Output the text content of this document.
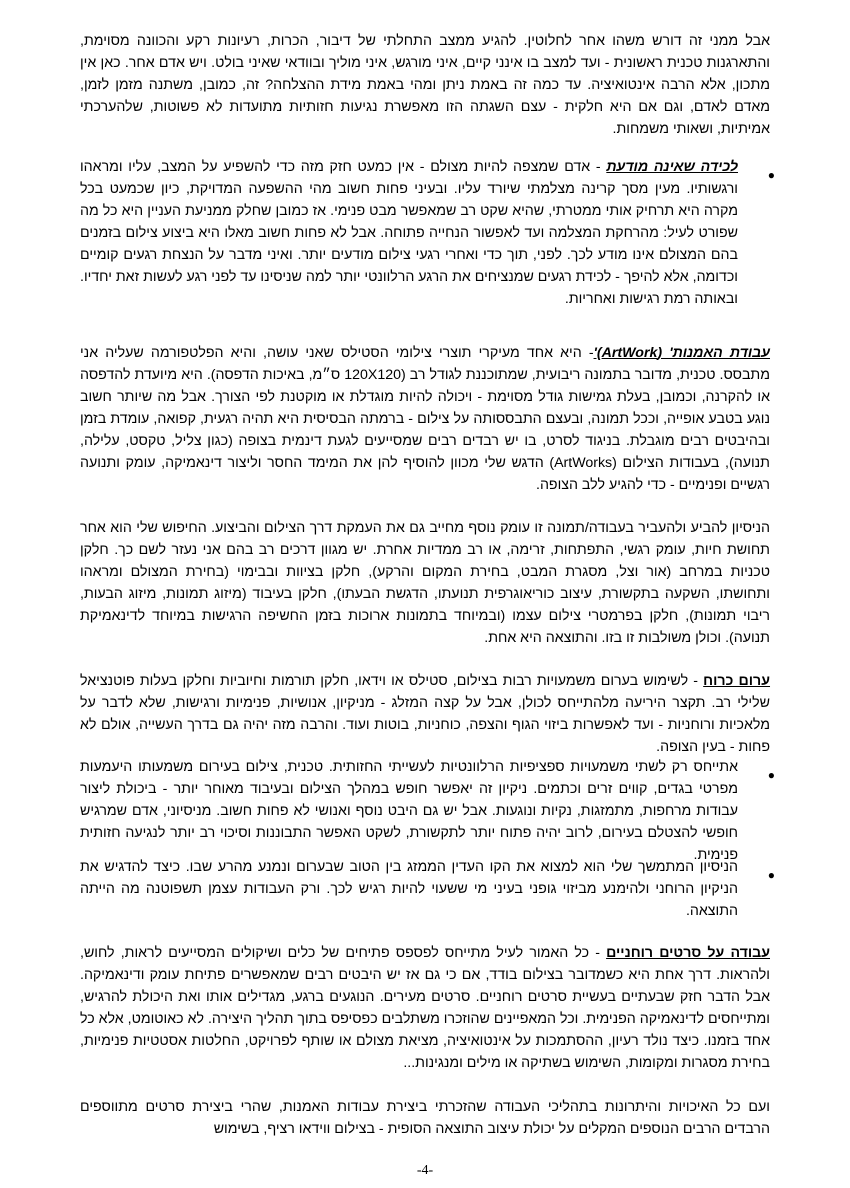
אבל ממני זה דורש משהו אחר לחלוטין. להגיע ממצב התחלתי של דיבור, הכרות, רעיונות רקע והכוונה מסוימת, והתארגנות טכנית ראשונית - ועד למצב בו אינני קיים, איני מורגש, איני מוליך ובוודאי שאיני בולט. ויש אדם אחר. כאן אין מתכון, אלא הרבה אינטואיציה. עד כמה זה באמת ניתן ומהי באמת מידת ההצלחה? זה, כמובן, משתנה מזמן לזמן, מאדם לאדם, וגם אם היא חלקית - עצם השגתה הזו מאפשרת נגיעות חזותיות מתועדות לא פשוטות, שלהערכתי אמיתיות, ושאותי משמחות.

●

לכידה שאינה מודעת - אדם שמצפה להיות מצולם - אין כמעט חזק מזה כדי להשפיע על המצב, עליו ומראהו ורגשותיו. מעין מסך קרינה מצלמתי שיורד עליו. ובעיני פחות חשוב מהי ההשפעה המדויקת, כיון שכמעט בכל מקרה היא תרחיק אותי ממטרתי, שהיא שקט רב שמאפשר מבט פנימי. אז כמובן שחלק ממניעת העניין היא כל מה שפורט לעיל: מהרחקת המצלמה ועד לאפשור הנחייה פתוחה. אבל לא פחות חשוב מאלו היא ביצוע צילום בזמנים בהם המצולם אינו מודע לכך. לפני, תוך כדי ואחרי רגעי צילום מודעים יותר. ואיני מדבר על הנצחת רגעים קומיים וכדומה, אלא להיפך - לכידת רגעים שמנציחים את הרגע הרלוונטי יותר למה שניסינו עד לפני רגע לעשות זאת יחדיו. ובאותה רמת רגישות ואחריות.

עבודת האמנות' (ArtWork)'- היא אחד מעיקרי תוצרי צילומי הסטילס שאני עושה, והיא הפלטפורמה שעליה אני מתבסס. טכנית, מדובר בתמונה ריבועית, שמתוכננת לגודל רב (120X120 ס״מ, באיכות הדפסה). היא מיועדת להדפסה או להקרנה, וכמובן, בעלת גמישות גודל מסוימת - ויכולה להיות מוגדלת או מוקטנת לפי הצורך. אבל מה שיותר חשוב נוגע בטבע אופייה, וככל תמונה, ובעצם התבססותה על צילום - ברמתה הבסיסית היא תהיה רגעית, קפואה, עומדת בזמן ובהיבטים רבים מוגבלת. בניגוד לסרט, בו יש רבדים רבים שמסייעים לגעת דינמית בצופה (כגון צליל, טקסט, עלילה, תנועה), בעבודות הצילום (ArtWorks) הדגש שלי מכוון להוסיף להן את המימד החסר וליצור דינאמיקה, עומק ותנועה רגשיים ופנימיים - כדי להגיע ללב הצופה.

הניסיון להביע ולהעביר בעבודה/תמונה זו עומק נוסף מחייב גם את העמקת דרך הצילום והביצוע. החיפוש שלי הוא אחר תחושת חיות, עומק רגשי, התפתחות, זרימה, או רב ממדיות אחרת. יש מגוון דרכים רב בהם אני נעזר לשם כך. חלקן טכניות במרחב (אור וצל, מסגרת המבט, בחירת המקום והרקע), חלקן בציוות ובבימוי (בחירת המצולם ומראהו ותחושתו, השקעה בתקשורת, עיצוב כוריאוגרפית תנועתו, הדגשת הבעתו), חלקן בעיבוד (מיזוג תמונות, מיזוג הבעות, ריבוי תמונות), חלקן בפרמטרי צילום עצמו (ובמיוחד בתמונות ארוכות בזמן החשיפה הרגישות במיוחד לדינאמיקת תנועה). וכולן משולבות זו בזו. והתוצאה היא אחת.

ערום כרוח - לשימוש בערום משמעויות רבות בצילום, סטילס או וידאו, חלקן תורמות וחיוביות וחלקן בעלות פוטנציאל שלילי רב. תקצר היריעה מלהתייחס לכולן, אבל על קצה המזלג - מניקיון, אנושיות, פנימיות ורגישות, שלא לדבר על מלאכיות ורוחניות - ועד לאפשרות ביזוי הגוף והצפה, כוחניות, בוטות ועוד. והרבה מזה יהיה גם בדרך העשייה, אולם לא פחות - בעין הצופה.

●

אתייחס רק לשתי משמעויות ספציפיות הרלוונטיות לעשייתי החזותית. טכנית, צילום בעירום משמעותו היעמעות מפרטי בגדים, קווים זרים וכתמים. ניקיון זה יאפשר חופש במהלך הצילום ובעיבוד מאוחר יותר - ביכולת ליצור עבודות מרחפות, מתמזגות, נקיות ונוגעות. אבל יש גם היבט נוסף ואנושי לא פחות חשוב. מניסיוני, אדם שמרגיש חופשי להצטלם בעירום, לרוב יהיה פתוח יותר לתקשורת, לשקט האפשר התבוננות וסיכוי רב יותר לנגיעה חזותית פנימית.

●

הניסיון המתמשך שלי הוא למצוא את הקו העדין הממזג בין הטוב שבערום ונמנע מהרע שבו. כיצד להדגיש את הניקיון הרוחני ולהימנע מביזוי גופני בעיני מי ששעוי להיות רגיש לכך. ורק העבודות עצמן תשפוטנה מה הייתה התוצאה.

עבודה על סרטים רוחניים - כל האמור לעיל מתייחס לפספס פתיחים של כלים ושיקולים המסייעים לראות, לחוש, ולהראות. דרך אחת היא כשמדובר בצילום בודד, אם כי גם אז יש היבטים רבים שמאפשרים פתיחת עומק ודינאמיקה. אבל הדבר חזק שבעתיים בעשיית סרטים רוחניים. סרטים מעירים. הנוגעים ברגע, מגדילים אותו ואת היכולת להרגיש, ומתייחסים לדינאמיקה הפנימית. וכל המאפיינים שהוזכרו משתלבים כפסיפס בתוך תהליך היצירה. לא כאוטומט, אלא כל אחד בזמנו. כיצד נולד רעיון, ההסתמכות על אינטואיציה, מציאת מצולם או שותף לפרויקט, החלטות אסטטיות פנימיות, בחירת מסגרות ומקומות, השימוש בשתיקה או מילים ומנגינות...

ועם כל האיכויות והיתרונות בתהליכי העבודה שהזכרתי ביצירת עבודות האמנות, שהרי ביצירת סרטים מתווספים הרבדים הרבים הנוספים המקלים על יכולת עיצוב התוצאה הסופית - בצילום ווידאו רציף, בשימוש

-4-
